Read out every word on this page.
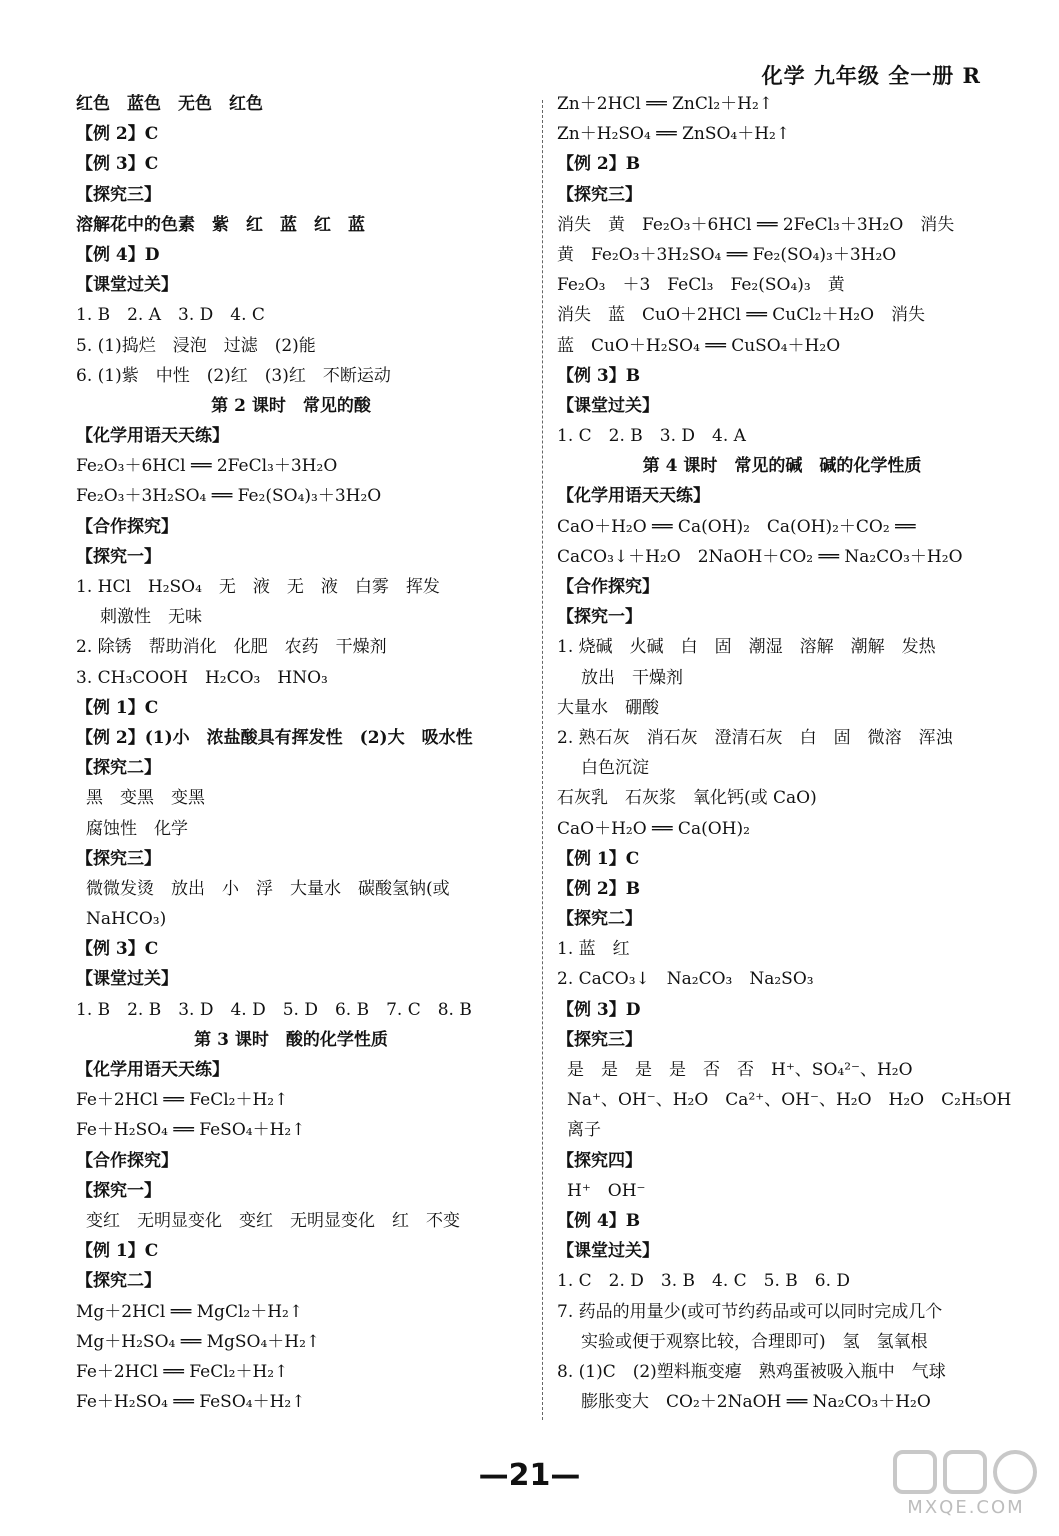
化学 九年级 全一册 R
红色　蓝色　无色　红色
【例 2】C
【例 3】C
【探究三】
溶解花中的色素　紫　红　蓝　红　蓝
【例 4】D
【课堂过关】
1. B　2. A　3. D　4. C
5. (1)捣烂　浸泡　过滤　(2)能
6. (1)紫　中性　(2)红　(3)红　不断运动
第 2 课时　常见的酸
【化学用语天天练】
Fe₂O₃＋6HCl ══ 2FeCl₃＋3H₂O
Fe₂O₃＋3H₂SO₄ ══ Fe₂(SO₄)₃＋3H₂O
【合作探究】
【探究一】
1. HCl　H₂SO₄　无　液　无　液　白雾　挥发
刺激性　无味
2. 除锈　帮助消化　化肥　农药　干燥剂
3. CH₃COOH　H₂CO₃　HNO₃
【例 1】C
【例 2】(1)小　浓盐酸具有挥发性　(2)大　吸水性
【探究二】
黑　变黑　变黑
腐蚀性　化学
【探究三】
微微发烫　放出　小　浮　大量水　碳酸氢钠(或
NaHCO₃)
【例 3】C
【课堂过关】
1. B　2. B　3. D　4. D　5. D　6. B　7. C　8. B
第 3 课时　酸的化学性质
【化学用语天天练】
Fe＋2HCl ══ FeCl₂＋H₂↑
Fe＋H₂SO₄ ══ FeSO₄＋H₂↑
【合作探究】
【探究一】
变红　无明显变化　变红　无明显变化　红　不变
【例 1】C
【探究二】
Mg＋2HCl ══ MgCl₂＋H₂↑
Mg＋H₂SO₄ ══ MgSO₄＋H₂↑
Fe＋2HCl ══ FeCl₂＋H₂↑
Fe＋H₂SO₄ ══ FeSO₄＋H₂↑
Zn＋2HCl ══ ZnCl₂＋H₂↑
Zn＋H₂SO₄ ══ ZnSO₄＋H₂↑
【例 2】B
【探究三】
消失　黄　Fe₂O₃＋6HCl ══ 2FeCl₃＋3H₂O　消失
黄　Fe₂O₃＋3H₂SO₄ ══ Fe₂(SO₄)₃＋3H₂O
Fe₂O₃　＋3　FeCl₃　Fe₂(SO₄)₃　黄
消失　蓝　CuO＋2HCl ══ CuCl₂＋H₂O　消失
蓝　CuO＋H₂SO₄ ══ CuSO₄＋H₂O
【例 3】B
【课堂过关】
1. C　2. B　3. D　4. A
第 4 课时　常见的碱　碱的化学性质
【化学用语天天练】
CaO＋H₂O ══ Ca(OH)₂　Ca(OH)₂＋CO₂ ══
CaCO₃↓＋H₂O　2NaOH＋CO₂ ══ Na₂CO₃＋H₂O
【合作探究】
【探究一】
1. 烧碱　火碱　白　固　潮湿　溶解　潮解　发热
放出　干燥剂
大量水　硼酸
2. 熟石灰　消石灰　澄清石灰　白　固　微溶　浑浊
白色沉淀
石灰乳　石灰浆　氧化钙(或 CaO)
CaO＋H₂O ══ Ca(OH)₂
【例 1】C
【例 2】B
【探究二】
1. 蓝　红
2. CaCO₃↓　Na₂CO₃　Na₂SO₃
【例 3】D
【探究三】
是　是　是　是　否　否　H⁺、SO₄²⁻、H₂O
Na⁺、OH⁻、H₂O　Ca²⁺、OH⁻、H₂O　H₂O　C₂H₅OH
离子
【探究四】
H⁺　OH⁻
【例 4】B
【课堂过关】
1. C　2. D　3. B　4. C　5. B　6. D
7. 药品的用量少(或可节约药品或可以同时完成几个
实验或便于观察比较，合理即可)　氢　氢氧根
8. (1)C　(2)塑料瓶变瘪　熟鸡蛋被吸入瓶中　气球
膨胀变大　CO₂＋2NaOH ══ Na₂CO₃＋H₂O
—21—
MXQE.COM
